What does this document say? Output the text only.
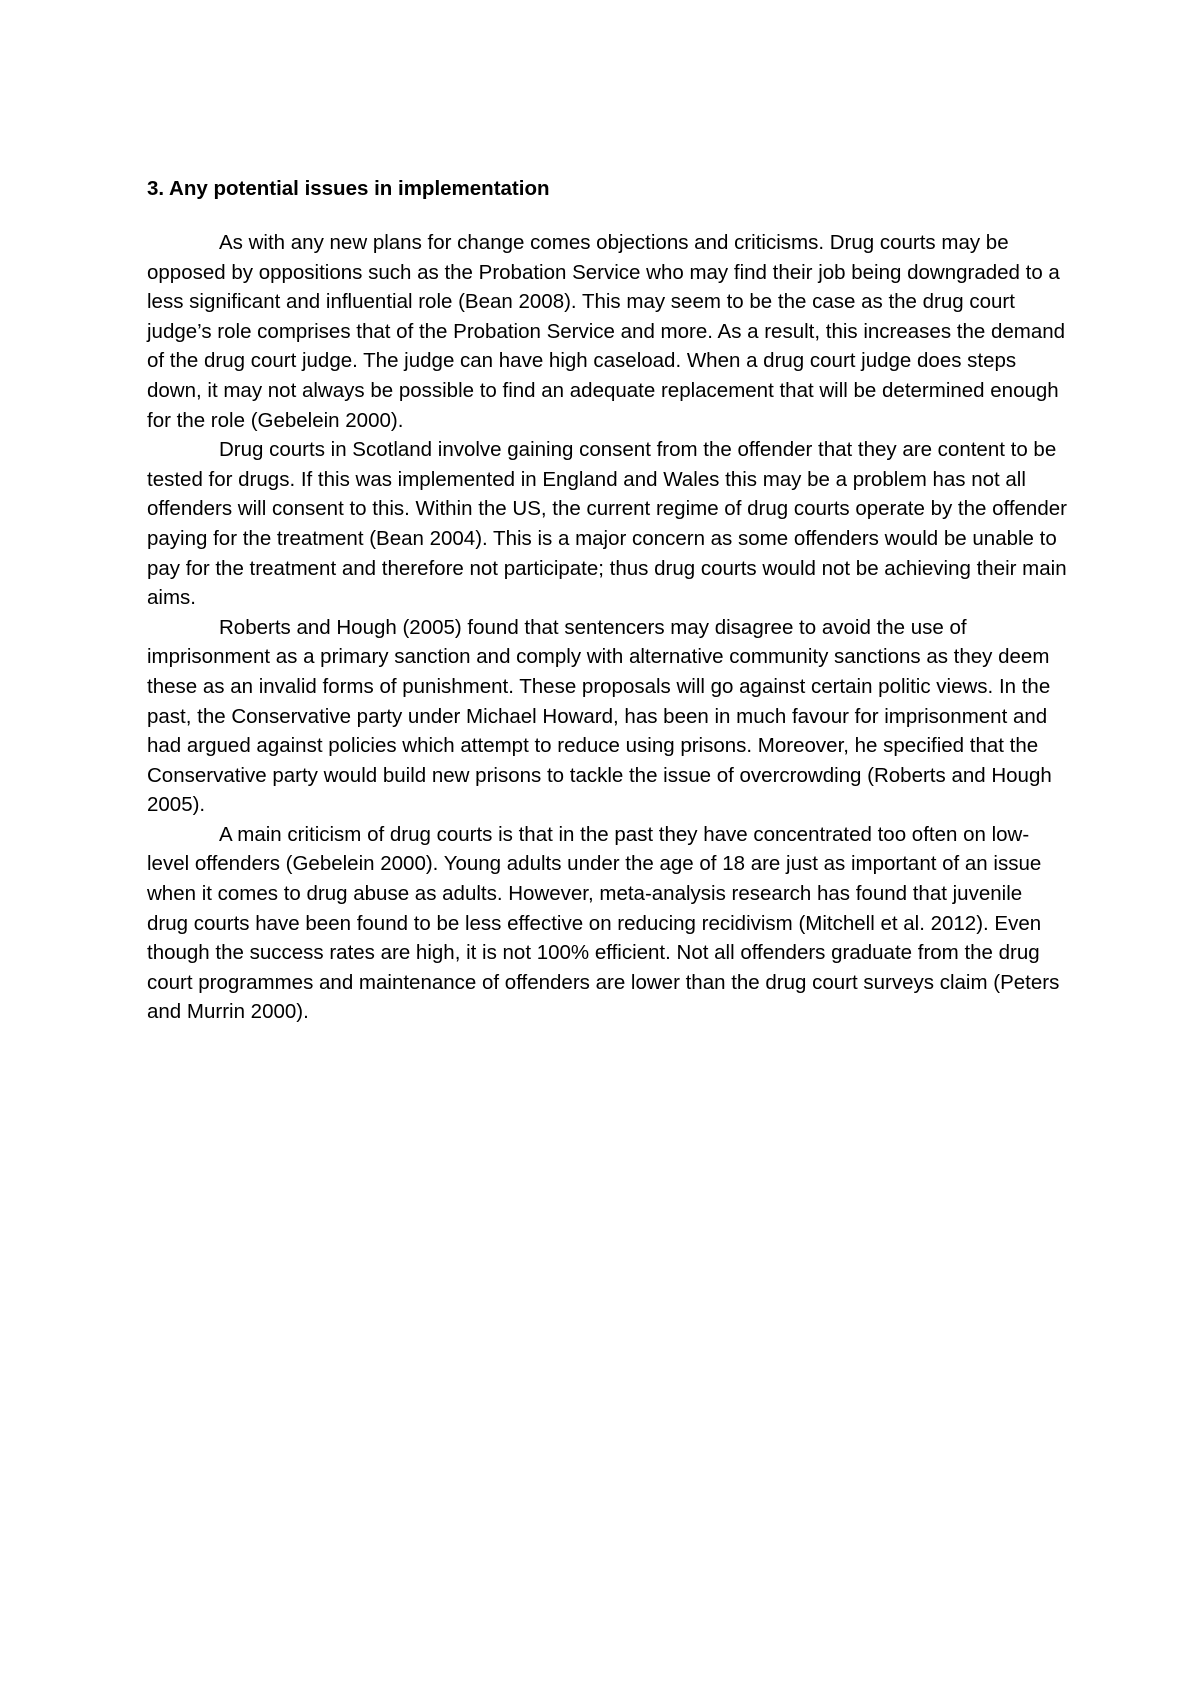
3. Any potential issues in implementation

As with any new plans for change comes objections and criticisms. Drug courts may be opposed by oppositions such as the Probation Service who may find their job being downgraded to a less significant and influential role (Bean 2008). This may seem to be the case as the drug court judge’s role comprises that of the Probation Service and more. As a result, this increases the demand of the drug court judge. The judge can have high caseload. When a drug court judge does steps down, it may not always be possible to find an adequate replacement that will be determined enough for the role (Gebelein 2000).

Drug courts in Scotland involve gaining consent from the offender that they are content to be tested for drugs. If this was implemented in England and Wales this may be a problem has not all offenders will consent to this. Within the US, the current regime of drug courts operate by the offender paying for the treatment (Bean 2004). This is a major concern as some offenders would be unable to pay for the treatment and therefore not participate; thus drug courts would not be achieving their main aims.

Roberts and Hough (2005) found that sentencers may disagree to avoid the use of imprisonment as a primary sanction and comply with alternative community sanctions as they deem these as an invalid forms of punishment. These proposals will go against certain politic views. In the past, the Conservative party under Michael Howard, has been in much favour for imprisonment and had argued against policies which attempt to reduce using prisons. Moreover, he specified that the Conservative party would build new prisons to tackle the issue of overcrowding (Roberts and Hough 2005).

A main criticism of drug courts is that in the past they have concentrated too often on low-level offenders (Gebelein 2000). Young adults under the age of 18 are just as important of an issue when it comes to drug abuse as adults. However, meta-analysis research has found that juvenile drug courts have been found to be less effective on reducing recidivism (Mitchell et al. 2012). Even though the success rates are high, it is not 100% efficient. Not all offenders graduate from the drug court programmes and maintenance of offenders are lower than the drug court surveys claim (Peters and Murrin 2000).
